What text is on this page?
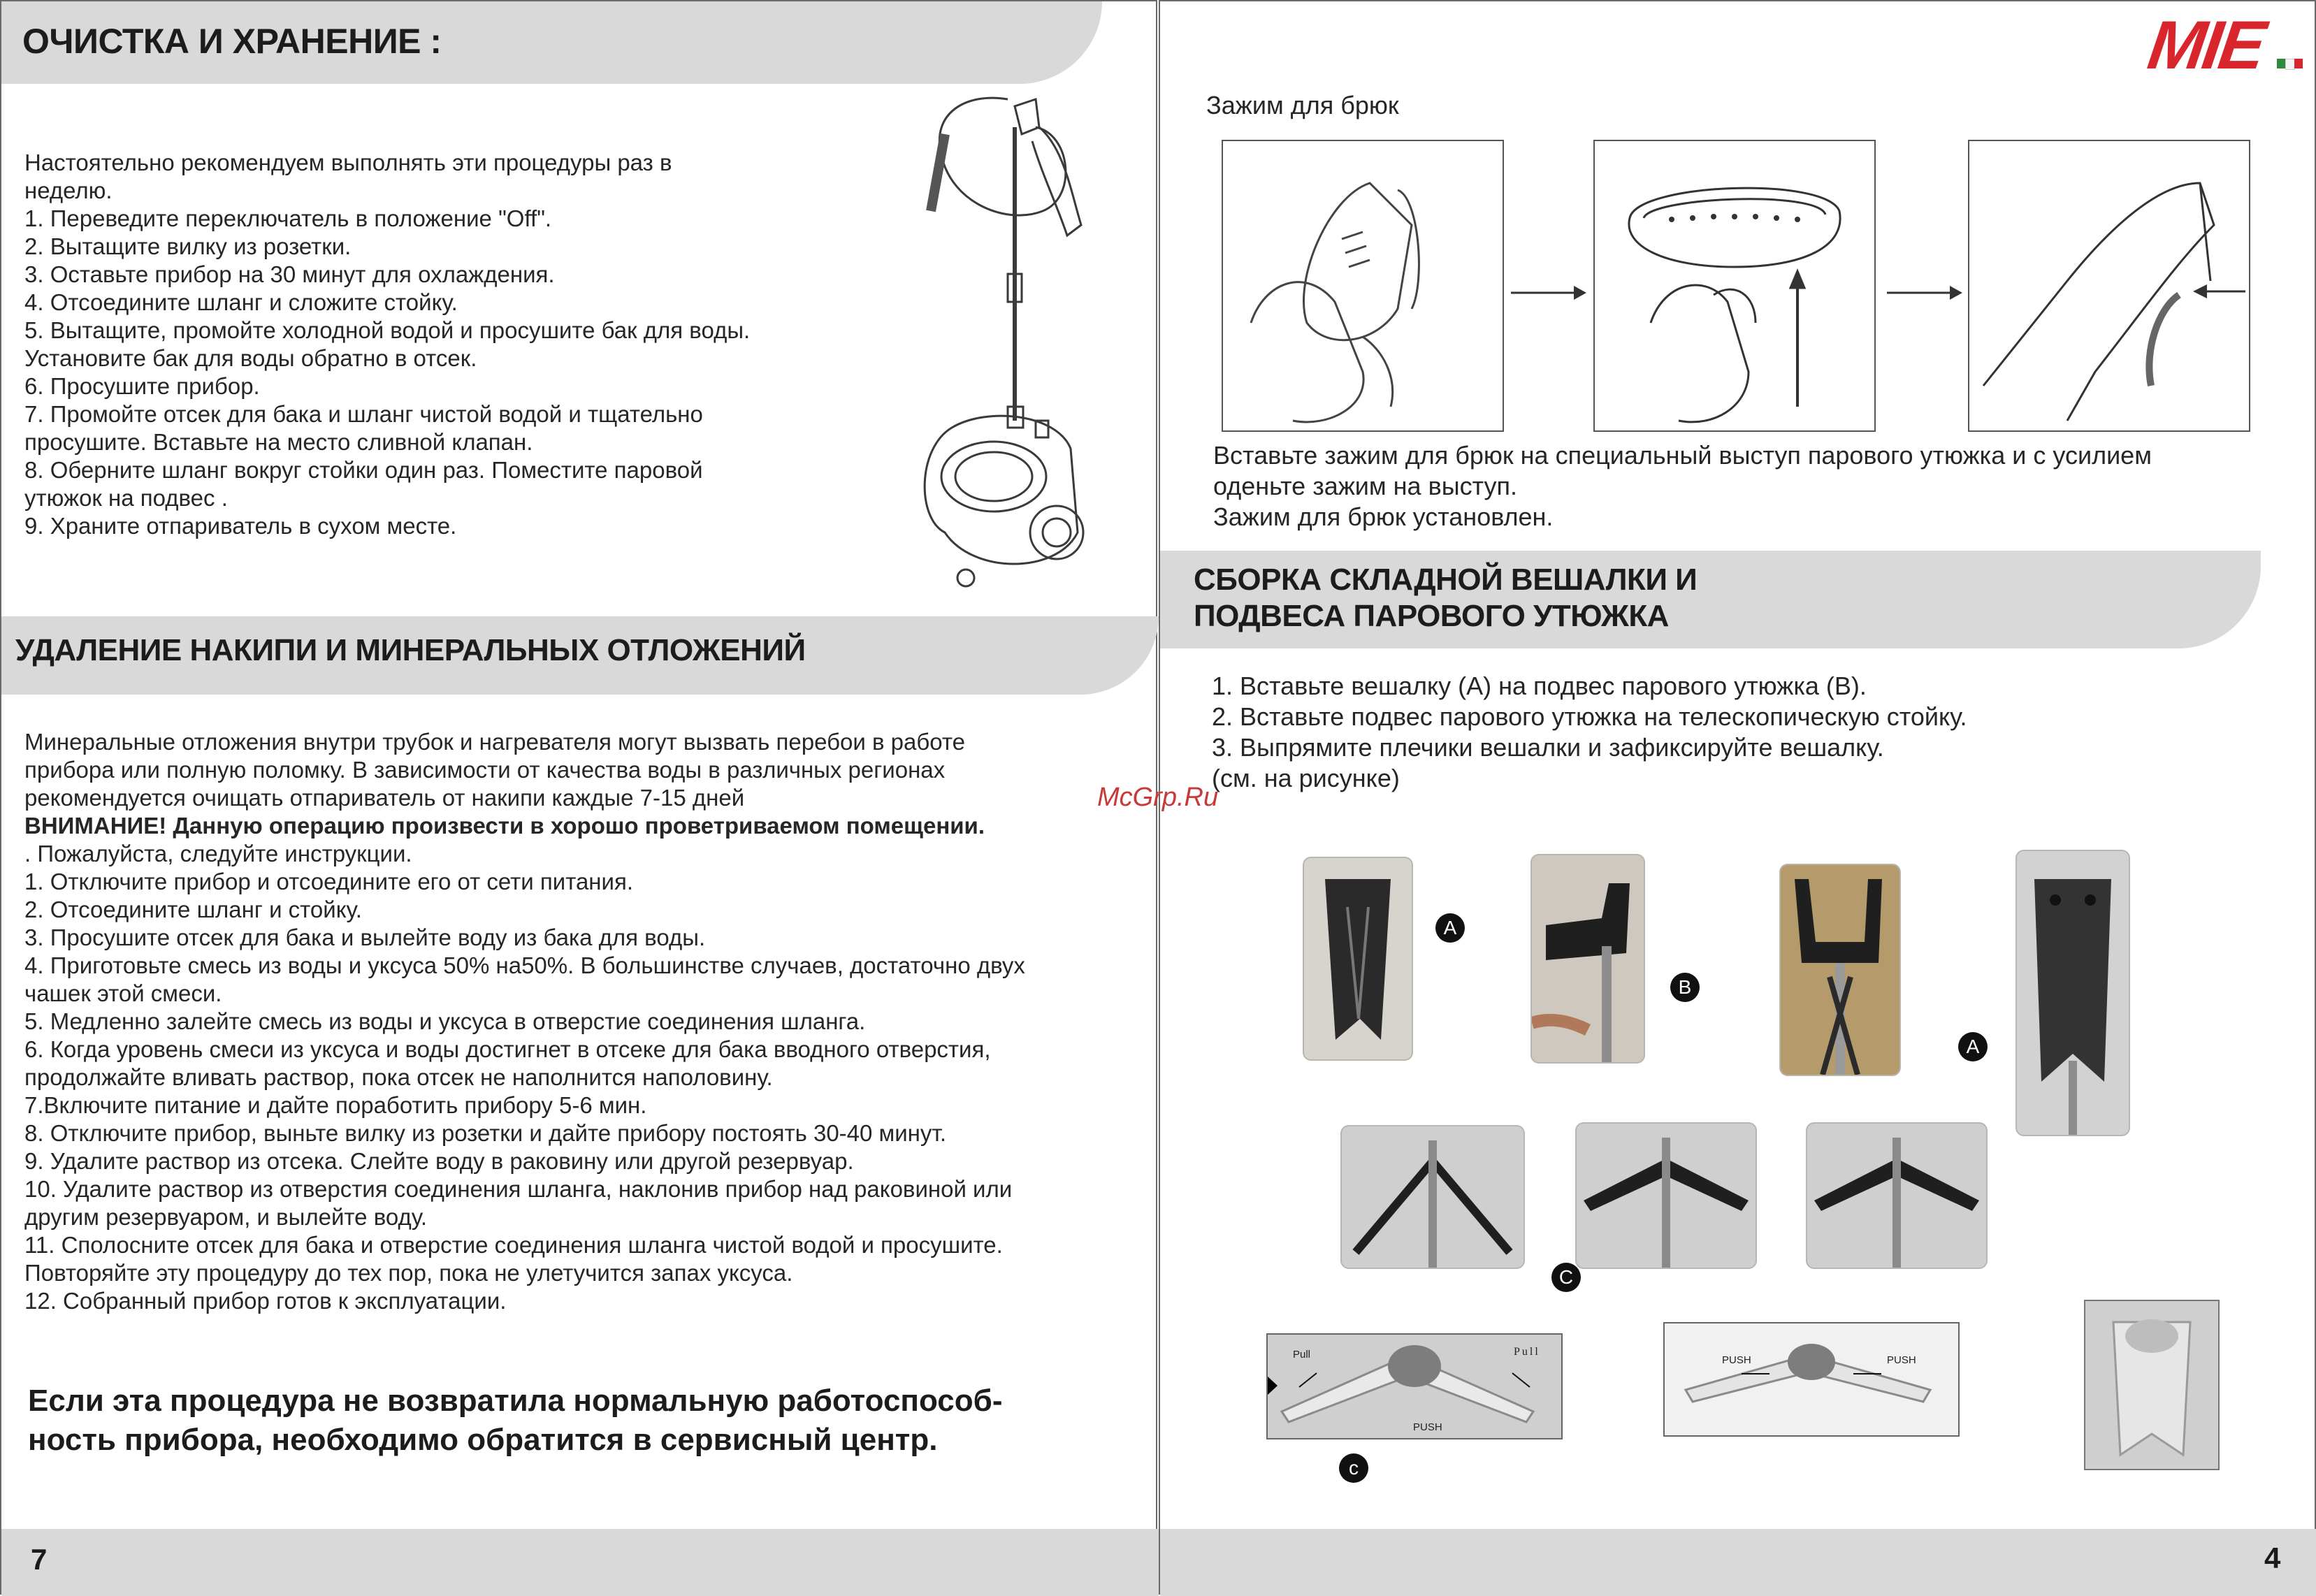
ОЧИСТКА И ХРАНЕНИЕ :
Настоятельно рекомендуем выполнять эти процедуры раз в
неделю.
1. Переведите переключатель в положение "Off".
2. Вытащите вилку из розетки.
3. Оставьте прибор на 30 минут для охлаждения.
4. Отсоедините шланг и сложите стойку.
5. Вытащите, промойте холодной водой и просушите бак для воды.
Установите бак для воды обратно в отсек.
6. Просушите прибор.
7. Промойте отсек для бака и шланг чистой водой и тщательно
просушите. Вставьте на место сливной клапан.
8. Оберните шланг вокруг стойки один раз. Поместите паровой
утюжок на подвес .
9. Храните отпариватель в сухом месте.
УДАЛЕНИЕ НАКИПИ И МИНЕРАЛЬНЫХ ОТЛОЖЕНИЙ
Минеральные отложения внутри трубок и нагревателя могут вызвать перебои в работе
прибора или полную поломку. В зависимости от качества воды в различных регионах
рекомендуется очищать отпариватель от накипи каждые 7-15 дней
ВНИМАНИЕ! Данную операцию произвести в хорошо проветриваемом помещении.
. Пожалуйста, следуйте инструкции.
1. Отключите прибор и отсоедините его от сети питания.
2. Отсоедините шланг и стойку.
3. Просушите отсек для бака и вылейте воду из бака для воды.
4. Приготовьте смесь из воды и уксуса 50% на50%. В большинстве случаев, достаточно двух
чашек этой смеси.
5. Медленно залейте смесь из воды и уксуса в отверстие соединения шланга.
6. Когда уровень смеси из уксуса и воды достигнет в отсеке для бака вводного отверстия,
продолжайте вливать раствор, пока отсек не наполнится наполовину.
7.Включите питание и дайте поработить прибору 5-6 мин.
8. Отключите прибор, выньте вилку из розетки и дайте прибору постоять 30-40 минут.
9. Удалите раствор из отсека. Слейте воду в раковину или другой резервуар.
10. Удалите раствор из отверстия соединения шланга, наклонив прибор над раковиной или
другим резервуаром, и вылейте воду.
11. Сполосните отсек для бака и отверстие соединения шланга чистой водой и просушите.
Повторяйте эту процедуру до тех пор, пока не улетучится запах уксуса.
12. Собранный прибор готов к эксплуатации.
Если эта процедура не возвратила нормальную работоспособ-
ность прибора, необходимо обратится в сервисный центр.
7
MIE
Зажим для брюк
Вставьте зажим для брюк на специальный выступ парового утюжка и с усилием
оденьте зажим на выступ.
Зажим для брюк установлен.
СБОРКА СКЛАДНОЙ ВЕШАЛКИ И
ПОДВЕСА ПАРОВОГО УТЮЖКА
1. Вставьте вешалку (A) на подвес парового утюжка (B).
2. Вставьте подвес парового утюжка на телескопическую стойку.
3. Выпрямите плечики вешалки и зафиксируйте вешалку.
(см. на рисунке)
McGrp.Ru
A
B
A
C
Pull	Pull
PUSH
c
PUSH	PUSH
4
